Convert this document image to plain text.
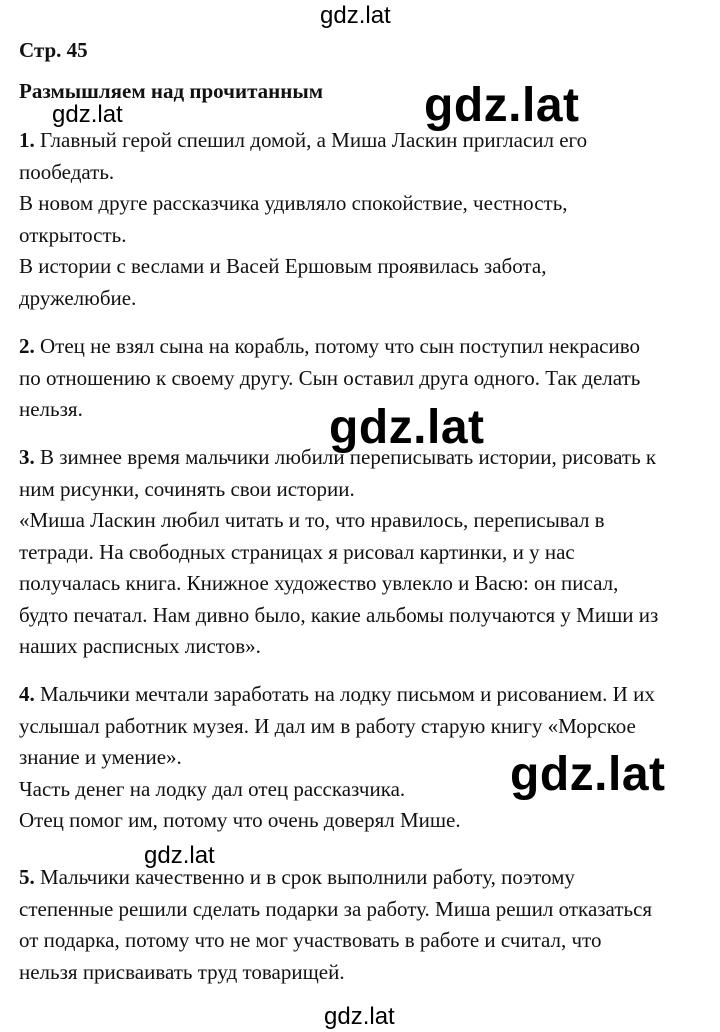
Стр. 45
Размышляем над прочитанным

1. Главный герой спешил домой, а Миша Ласкин пригласил его
пообедать.
В новом друге рассказчика удивляло спокойствие, честность,
открытость.
В истории с веслами и Васей Ершовым проявилась забота,
дружелюбие.

2. Отец не взял сына на корабль, потому что сын поступил некрасиво
по отношению к своему другу. Сын оставил друга одного. Так делать
нельзя.

3. В зимнее время мальчики любили переписывать истории, рисовать к
ним рисунки, сочинять свои истории.
«Миша Ласкин любил читать и то, что нравилось, переписывал в
тетради. На свободных страницах я рисовал картинки, и у нас
получалась книга. Книжное художество увлекло и Васю: он писал,
будто печатал. Нам дивно было, какие альбомы получаются у Миши из
наших расписных листов».

4. Мальчики мечтали заработать на лодку письмом и рисованием. И их
услышал работник музея. И дал им в работу старую книгу «Морское
знание и умение».
Часть денег на лодку дал отец рассказчика.
Отец помог им, потому что очень доверял Мише.

5. Мальчики качественно и в срок выполнили работу, поэтому
степенные решили сделать подарки за работу. Миша решил отказаться
от подарка, потому что не мог участвовать в работе и считал, что
нельзя присваивать труд товарищей.

gdz.lat
gdz.lat	gdz.lat
gdz.lat
gdz.lat
gdz.lat
gdz.lat
